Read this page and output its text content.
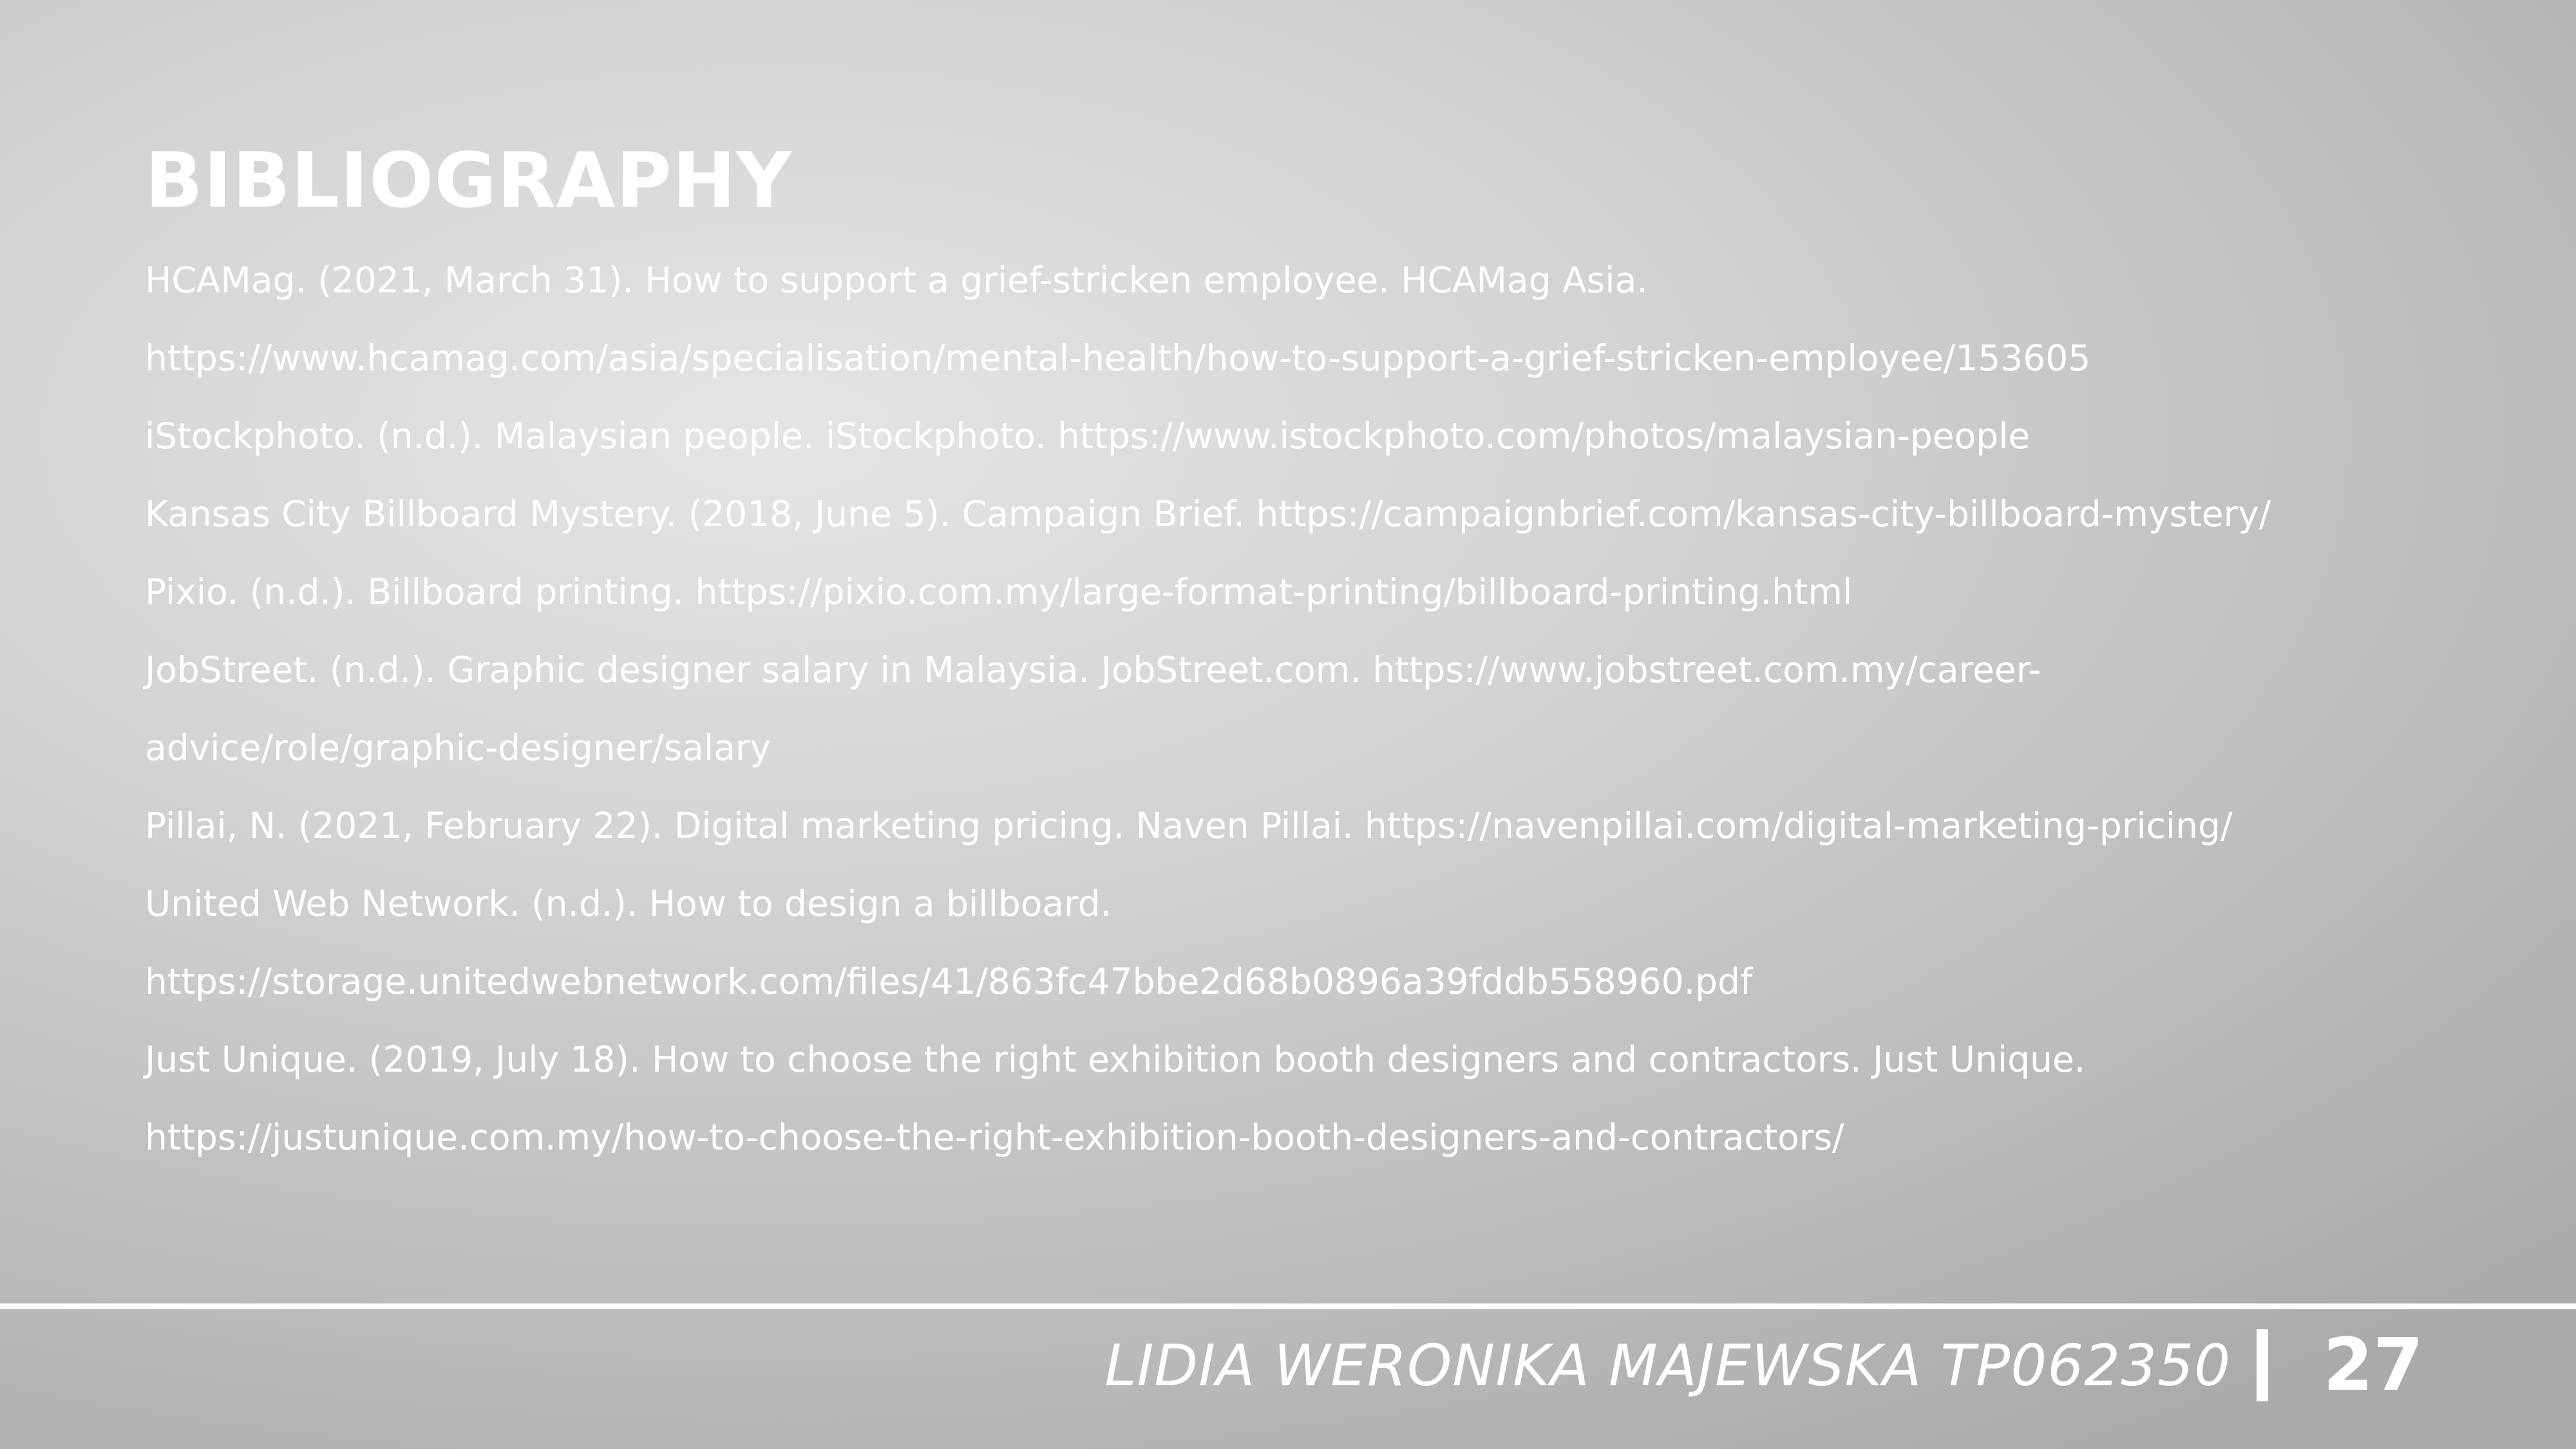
BIBLIOGRAPHY
HCAMag. (2021, March 31). How to support a grief-stricken employee. HCAMag Asia.
https://www.hcamag.com/asia/specialisation/mental-health/how-to-support-a-grief-stricken-employee/153605
iStockphoto. (n.d.). Malaysian people. iStockphoto. https://www.istockphoto.com/photos/malaysian-people
Kansas City Billboard Mystery. (2018, June 5). Campaign Brief. https://campaignbrief.com/kansas-city-billboard-mystery/
Pixio. (n.d.). Billboard printing. https://pixio.com.my/large-format-printing/billboard-printing.html
JobStreet. (n.d.). Graphic designer salary in Malaysia. JobStreet.com. https://www.jobstreet.com.my/career-
advice/role/graphic-designer/salary
Pillai, N. (2021, February 22). Digital marketing pricing. Naven Pillai. https://navenpillai.com/digital-marketing-pricing/
United Web Network. (n.d.). How to design a billboard.
https://storage.unitedwebnetwork.com/files/41/863fc47bbe2d68b0896a39fddb558960.pdf
Just Unique. (2019, July 18). How to choose the right exhibition booth designers and contractors. Just Unique.
https://justunique.com.my/how-to-choose-the-right-exhibition-booth-designers-and-contractors/
LIDIA WERONIKA MAJEWSKA TP062350 27
